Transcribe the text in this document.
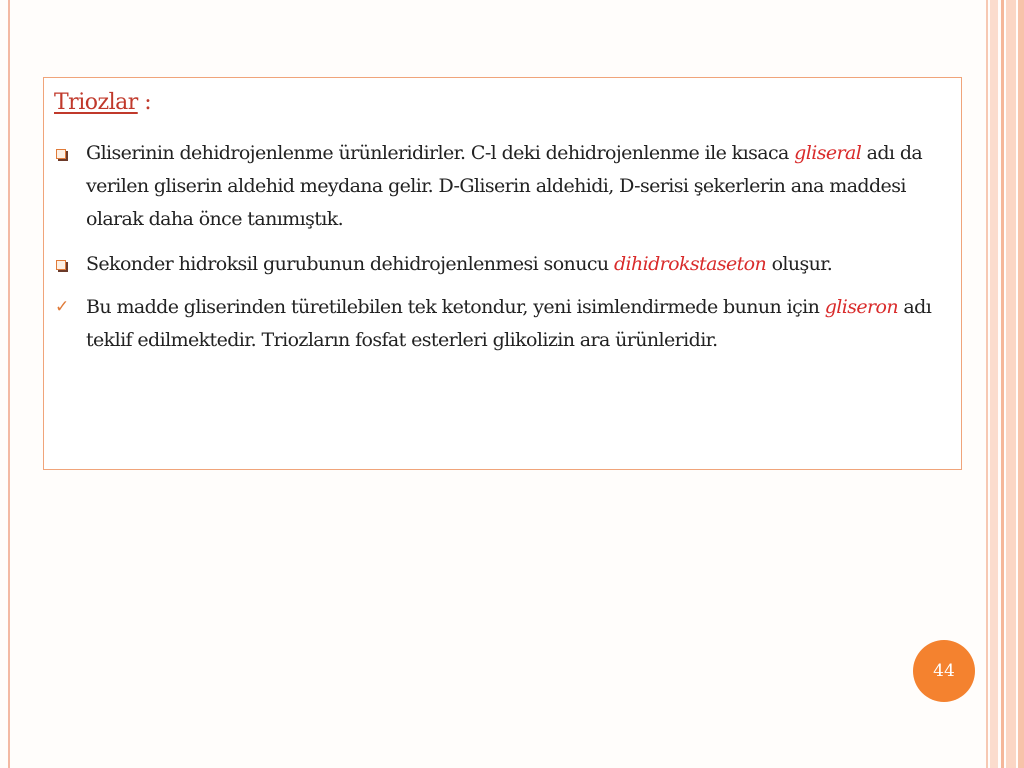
Triozlar :
Gliserinin dehidrojenlenme ürünleridirler. C-l deki dehidrojenlenme ile kısaca gliseral adı da verilen gliserin aldehid meydana gelir. D-Gliserin aldehidi, D-serisi şekerlerin ana maddesi olarak daha önce tanımıştık.
Sekonder hidroksil gurubunun dehidrojenlenmesi sonucu dihidrokstaseton oluşur.
✓ Bu madde gliserinden türetilebilen tek ketondur, yeni isimlendirmede bunun için gliseron adı teklif edilmektedir. Triozların fosfat esterleri glikolizin ara ürünleridir.
44
